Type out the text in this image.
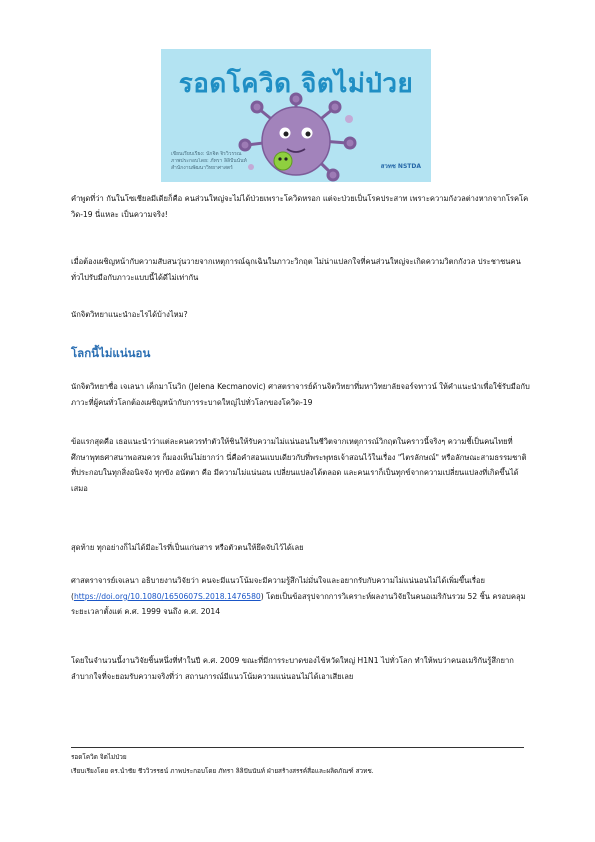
รอดโควิด จิตไม่ป่วย
เขียนเรียบเรียง: นักจิต จิรวิวรรณ
ภาพประกอบโดย: ภัทรา ลิลิปันนันท์
สำนักงานพัฒนาวิทยาศาสตร์	สวทช NSTDA

คำพูดที่ว่า กันในโซเชียลมีเดียก็คือ คนส่วนใหญ่จะไม่ได้ป่วยเพราะโควิดหรอก แต่จะป่วยเป็นโรคประสาท เพราะความกังวลต่างหากจากโรคโควิด-19 นี่แหละ เป็นความจริง!

เมื่อต้องเผชิญหน้ากับความสับสนวุ่นวายจากเหตุการณ์ฉุกเฉินในภาวะวิกฤต ไม่น่าแปลกใจที่คนส่วนใหญ่จะเกิดความวิตกกังวล ประชาชนคนทั่วไปรับมือกับภาวะแบบนี้ได้ดีไม่เท่ากัน

นักจิตวิทยาแนะนำอะไรได้บ้างไหม?

โลกนี้ไม่แน่นอน

นักจิตวิทยาชื่อ เจเลนา เค็กมาโนวิก (Jelena Kecmanovic) ศาสตราจารย์ด้านจิตวิทยาที่มหาวิทยาลัยจอร์จทาวน์ ให้คำแนะนำเพื่อใช้รับมือกับภาวะที่ผู้คนทั่วโลกต้องเผชิญหน้ากับการระบาดใหญ่ไปทั่วโลกของโควิด-19

ข้อแรกสุดคือ เธอแนะนำว่าแต่ละคนควรทำตัวให้ชินให้รับความไม่แน่นอนในชีวิตจากเหตุการณ์วิกฤตในคราวนี้จริงๆ ความชี้เป็นคนไทยที่ศึกษาพุทธศาสนาพอสมควร ก็มองเห็นไม่ยากว่า นี่คือคำสอนแบบเดียวกับที่พระพุทธเจ้าสอนไว้ในเรื่อง "ไตรลักษณ์" หรือลักษณะสามธรรมชาติที่ประกอบในทุกสิ่งอนิจจัง ทุกขัง อนัตตา คือ มีความไม่แน่นอน เปลี่ยนแปลงได้ตลอด และคนเราก็เป็นทุกข์จากความเปลี่ยนแปลงที่เกิดขึ้นได้เสมอ

สุดท้าย ทุกอย่างก็ไม่ได้มีอะไรที่เป็นแก่นสาร หรือตัวตนให้ยึดจับไว้ได้เลย

ศาสตราจารย์เจเลนา อธิบายงานวิจัยว่า คนจะมีแนวโน้มจะมีความรู้สึกไม่มั่นใจและอยากรับกับความไม่แน่นอนไม่ได้เพิ่มขึ้นเรื่อย (https://doi.org/10.1080/1650607S.2018.1476580) โดยเป็นข้อสรุปจากการวิเคราะห์ผลงานวิจัยในคนอเมริกันรวม 52 ชิ้น ครอบคลุมระยะเวลาตั้งแต่ ค.ศ. 1999 จนถึง ค.ศ. 2014

โดยในจำนวนนี้งานวิจัยชิ้นหนึ่งที่ทำในปี ค.ศ. 2009 ขณะที่มีการระบาดของไข้หวัดใหญ่ H1N1 ไปทั่วโลก ทำให้พบว่าคนอเมริกันรู้สึกยากลำบากใจที่จะยอมรับความจริงที่ว่า สถานการณ์มีแนวโน้มความแน่นอนไม่ได้เอาเสียเลย

รอดโควิด จิตไม่ป่วย
เรียบเรียงโดย ดร.นำชัย ชีววิวรรธน์ ภาพประกอบโดย ภัทรา ลิลิปันนันท์ ฝ่ายสร้างสรรค์สื่อและผลิตภัณฑ์ สวทช.
